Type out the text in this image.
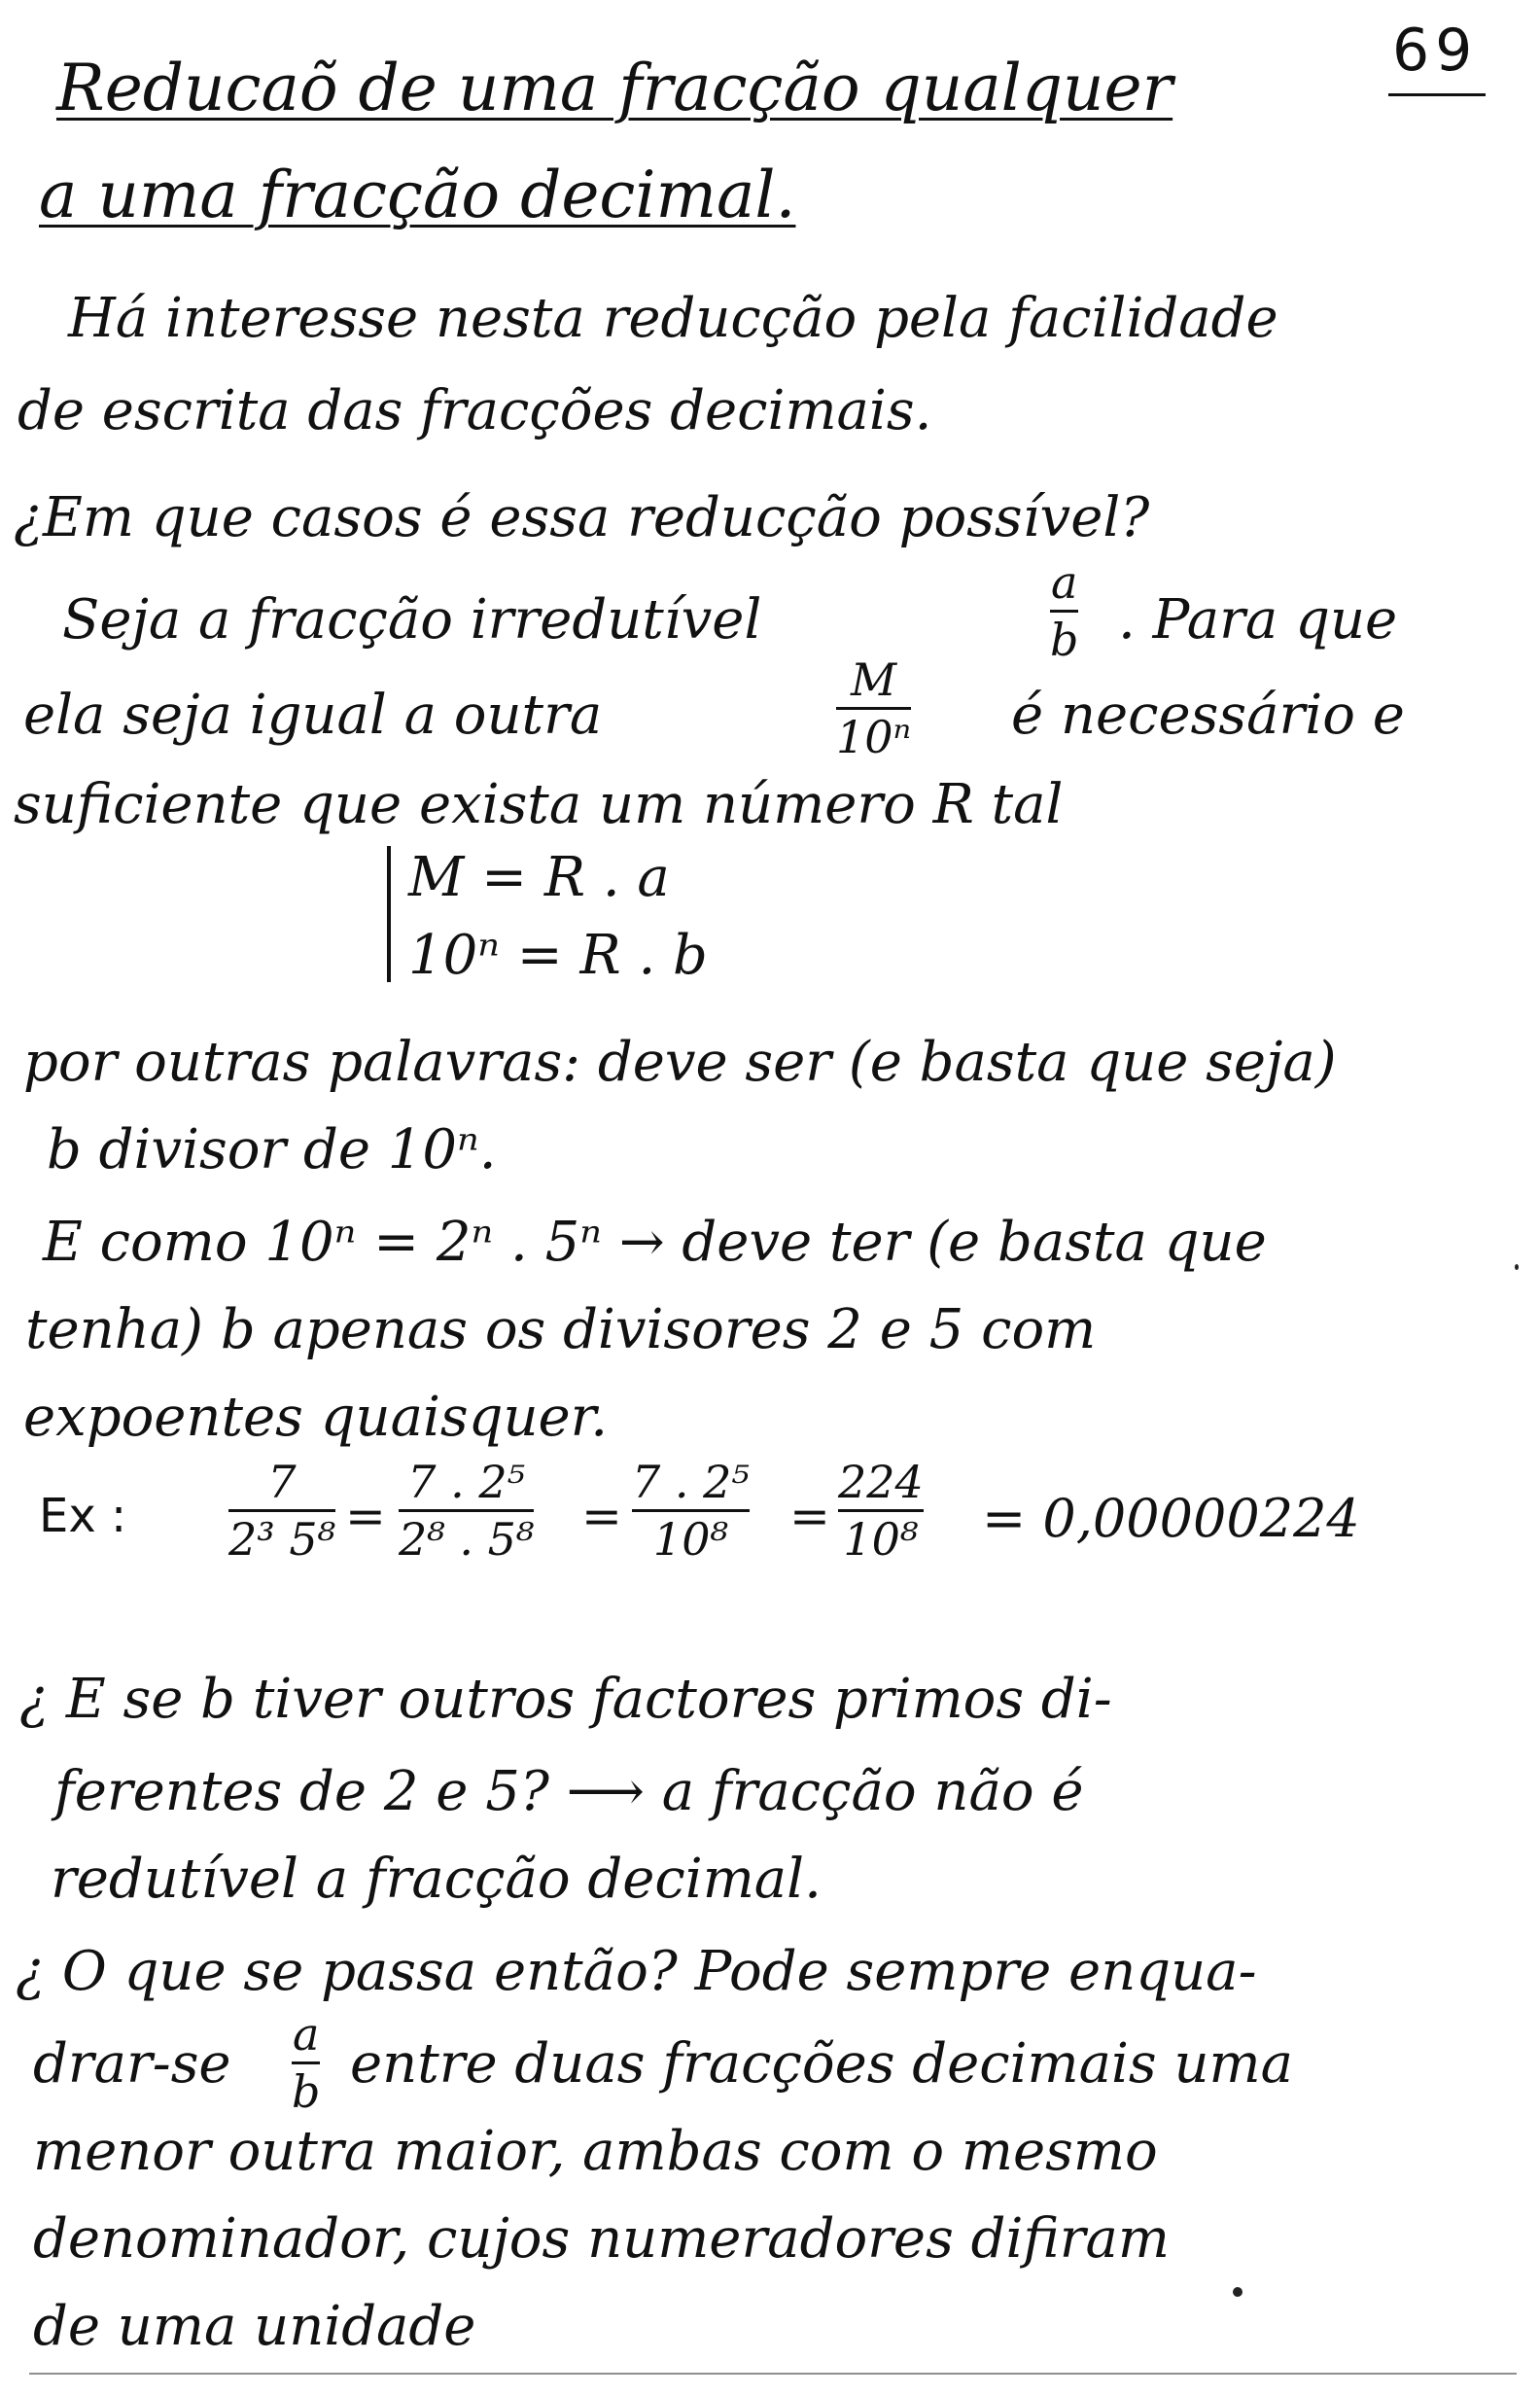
69
Reducaõ de uma fracção qualquer
a uma fracção decimal.
Há interesse nesta reducção pela facilidade
de escrita das fracções decimais.
¿Em que casos é essa reducção possível?
Seja a fracção irredutível
a
b . Para que
ela seja igual a outra
M
10ⁿ é necessário e
suficiente que exista um número R tal
M = R . a
10ⁿ = R . b
por outras palavras: deve ser (e basta que seja)
b divisor de 10ⁿ.
E como 10ⁿ = 2ⁿ . 5ⁿ → deve ter (e basta que
tenha) b apenas os divisores 2 e 5 com
expoentes quaisquer.
Ex :
7
2³ 5⁸ =
7 . 2⁵
2⁸ . 5⁸ =
7 . 2⁵
10⁸ =
224
10⁸ = 0,00000224
¿ E se b tiver outros factores primos di-
ferentes de 2 e 5? ⟶ a fracção não é
redutível a fracção decimal.
¿ O que se passa então? Pode sempre enqua-
drar-se a
b entre duas fracções decimais uma
menor outra maior, ambas com o mesmo
denominador, cujos numeradores difiram
de uma unidade
